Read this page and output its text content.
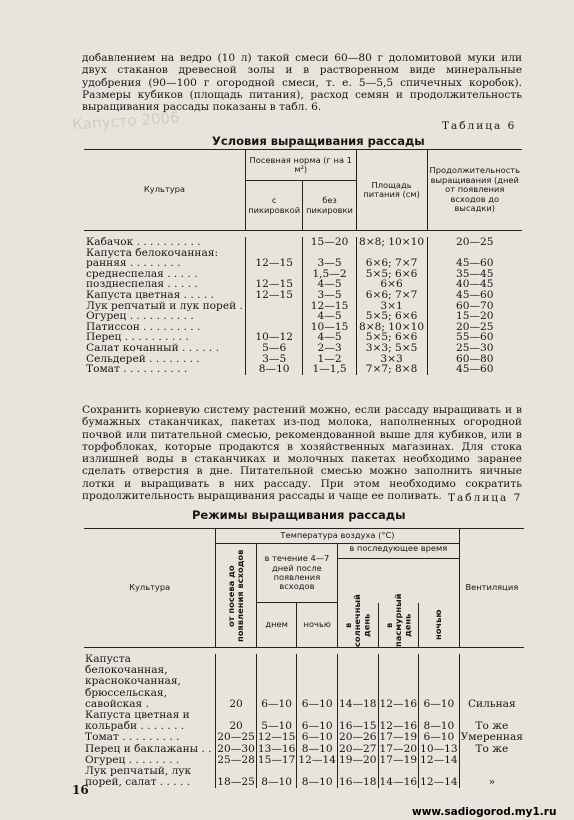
Капусто 2006
добавлением на ведро (10 л) такой смеси 60—80 г доломитовой муки или двух стаканов древесной золы и в растворенном виде минеральные удобрения (90—100 г огородной смеси, т. е. 5—5,5 спичечных коробок). Размеры кубиков (площадь питания), расход семян и продолжительность выращивания рассады показаны в табл. 6.
Таблица 6
Условия выращивания рассады
Культура	Посевная норма (г на 1 м²)		Площадь питания (см)	Продолжительность выращивания (дней от появления всходов до высадки)
	с пикировкой	без пикировки		

Кабачок . . . . . . . . . .		15—20	8×8; 10×10	20—25
Капуста белокочанная:				
ранняя . . . . . . . .	12—15	3—5	6×6; 7×7	45—60
среднеспелая . . . . .		1,5—2	5×5; 6×6	35—45
позднеспелая . . . . .	12—15	4—5	6×6	40—45
Капуста цветная . . . . .	12—15	3—5	6×6; 7×7	45—60
Лук репчатый и лук порей .		12—15	3×1	60—70
Огурец . . . . . . . . . .		4—5	5×5; 6×6	15—20
Патиссон . . . . . . . . .		10—15	8×8; 10×10	20—25
Перец . . . . . . . . . .	10—12	4—5	5×5; 6×6	55—60
Салат кочанный . . . . . .	5—6	2—3	3×3; 5×5	25—30
Сельдерей . . . . . . . .	3—5	1—2	3×3	60—80
Томат . . . . . . . . . .	8—10	1—1,5	7×7; 8×8	45—60
Сохранить корневую систему растений можно, если рассаду выращивать и в бумажных стаканчиках, пакетах из-под молока, наполненных огородной почвой или питательной смесью, рекомендованной выше для кубиков, или в торфоблоках, которые продаются в хозяйственных магазинах. Для стока излишней воды в стаканчиках и молочных пакетах необходимо заранее сделать отверстия в дне. Питательной смесью можно заполнить яичные лотки и выращивать в них рассаду. При этом необходимо сократить продолжительность выращивания рассады и чаще ее поливать. Таблица 7
Режимы выращивания рассады
Культура	Температура воздуха (°С)						Вентиляция

	от посева до появления всходов	в течение 4—7 дней после появления всходов		в последующее время			

		днем	ночью	в солнечный день	в пасмурный день	ночью	

Капуста белокочанная, краснокочанная, брюссельская, савойская .	20	6—10	6—10	14—18	12—16	6—10	Сильная
Капуста цветная и кольраби . . . . . . .	20	5—10	6—10	16—15	12—16	8—10	То же
Томат . . . . . . . . .	20—25	12—15	6—10	20—26	17—19	6—10	Умеренная
Перец и баклажаны . .	20—30	13—16	8—10	20—27	17—20	10—13	То же
Огурец . . . . . . . .	25—28	15—17	12—14	19—20	17—19	12—14	
Лук репчатый, лук порей, салат . . . . .	18—25	8—10	8—10	16—18	14—16	12—14	»
16
www.sadiogorod.my1.ru
